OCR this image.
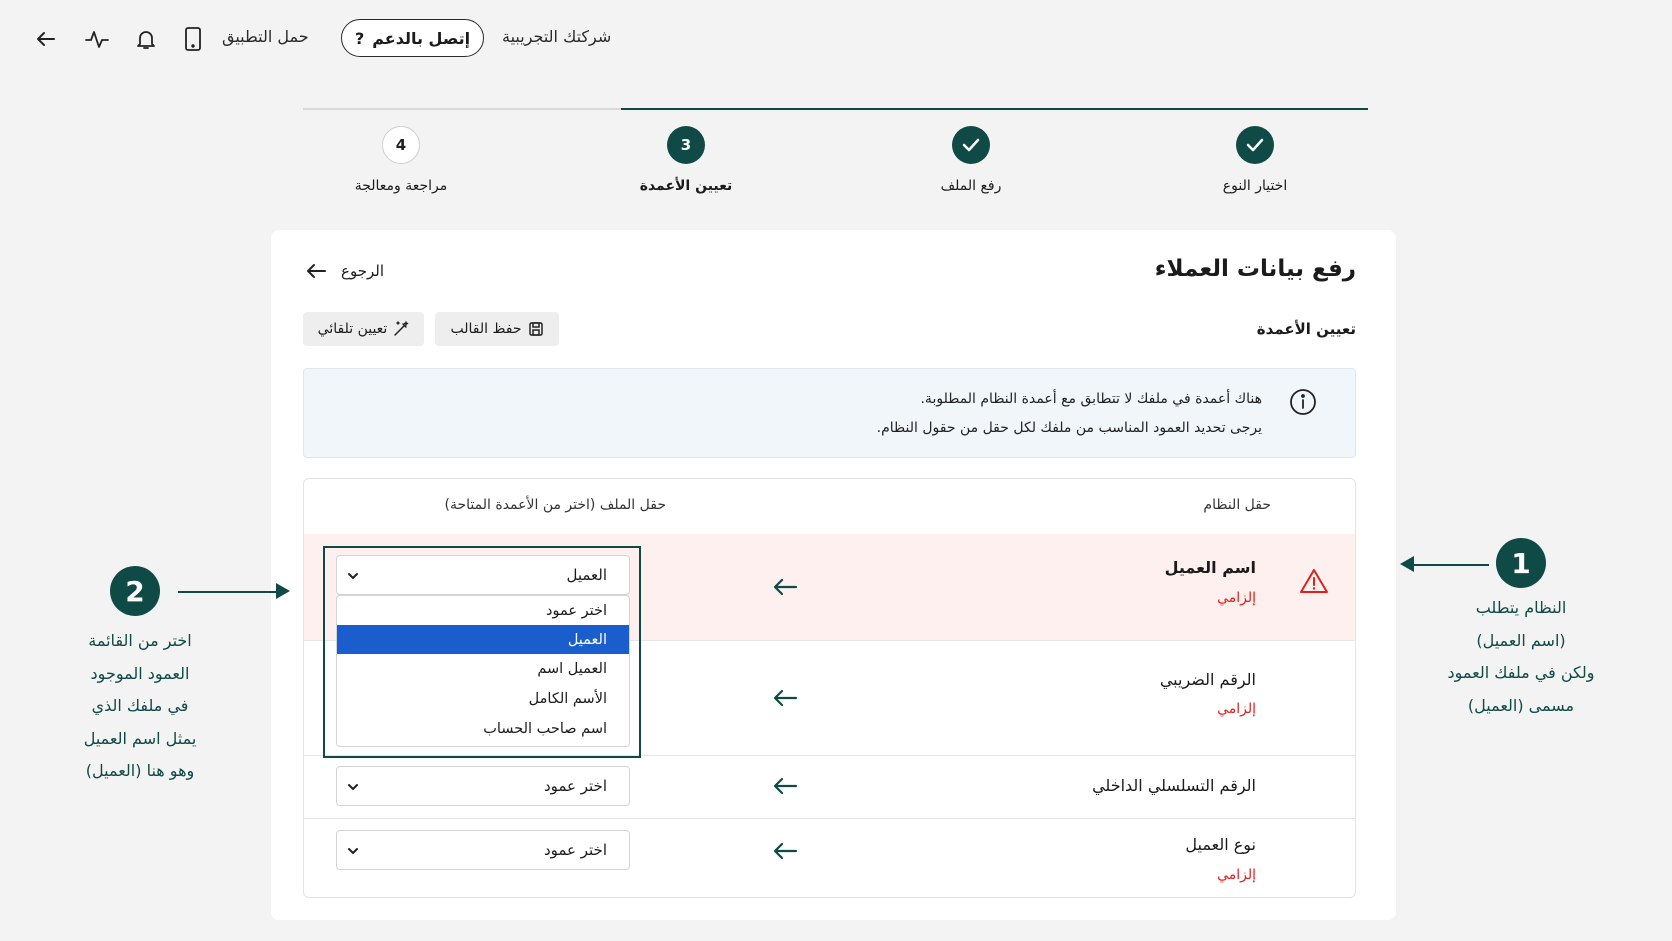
حمل التطبيق	إتصل بالدعم
?	شركتك التجريبية
اختيار النوع
رفع الملف
3
تعيين الأعمدة
4
مراجعة ومعالجة
رفع بيانات العملاء
الرجوع
تعيين الأعمدة
حفظ القالب
تعيين تلقائي
هناك أعمدة في ملفك لا تتطابق مع أعمدة النظام المطلوبة.
يرجى تحديد العمود المناسب من ملفك لكل حقل من حقول النظام.
حقل النظام
حقل الملف (اختر من الأعمدة المتاحة)
اسم العميل
إلزامي
العميل
اختر عمود
العميل
العميل اسم
الأسم الكامل
اسم صاحب الحساب
الرقم الضريبي
إلزامي
الرقم التسلسلي الداخلي
اختر عمود
نوع العميل
إلزامي
اختر عمود
1
النظام يتطلب
(اسم العميل)
ولكن في ملفك العمود
مسمى (العميل)
2
اختر من القائمة
العمود الموجود
في ملفك الذي
يمثل اسم العميل
وهو هنا (العميل)
